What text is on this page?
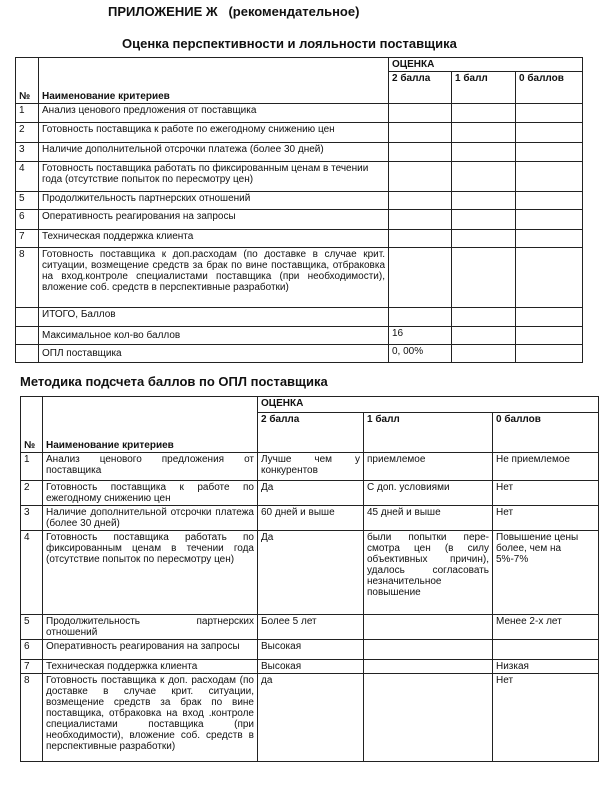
ПРИЛОЖЕНИЕ Ж (рекомендательное)
Оценка перспективности и лояльности поставщика
№	Наименование критериев	ОЦЕНКА		
		2 балла	1 балл	0 баллов
1	Анализ ценового предложения от поставщика			
2	Готовность поставщика к работе по ежегодному снижению цен			
3	Наличие дополнительной отсрочки платежа (более 30 дней)			
4	Готовность поставщика работать по фиксированным ценам в течении года (отсутствие попыток по пересмотру цен)			
5	Продолжительность партнерских отношений			
6	Оперативность реагирования на запросы			
7	Техническая поддержка клиента			
8	Готовность поставщика к доп.расходам (по доставке в случае крит. ситуации, возмещение средств за брак по вине поставщика, отбраковка на вход.контроле специалистами поставщика (при необходимости), вложение соб. средств в перспективные разработки)			
	ИТОГО, Баллов			
	Максимальное кол-во баллов	16		
	ОПЛ поставщика	0, 00%		
Методика подсчета баллов по ОПЛ поставщика
№	Наименование критериев	ОЦЕНКА		
		2 балла	1 балл	0 баллов
1	Анализ ценового предложения от поставщика	Лучше чем у конкурентов	приемлемое	Не приемлемое
2	Готовность поставщика к работе по ежегодному снижению цен	Да	С доп. условиями	Нет
3	Наличие дополнительной отсрочки платежа (более 30 дней)	60 дней и выше	45 дней и выше	Нет
4	Готовность поставщика работать по фиксированным ценам в течении года (отсутствие попыток по пересмотру цен)	Да	были попытки пере-смотра цен (в силу объективных причин), удалось согласовать незначительное повышение	Повышение цены более, чем на 5%-7%
5	Продолжительность партнерских отношений	Более 5 лет		Менее 2-х лет
6	Оперативность реагирования на запросы	Высокая		
7	Техническая поддержка клиента	Высокая		Низкая
8	Готовность поставщика к доп. расходам (по доставке в случае крит. ситуации, возмещение средств за брак по вине поставщика, отбраковка на вход .контроле специалистами поставщика (при необходимости), вложение соб. средств в перспективные разработки)	да		Нет
